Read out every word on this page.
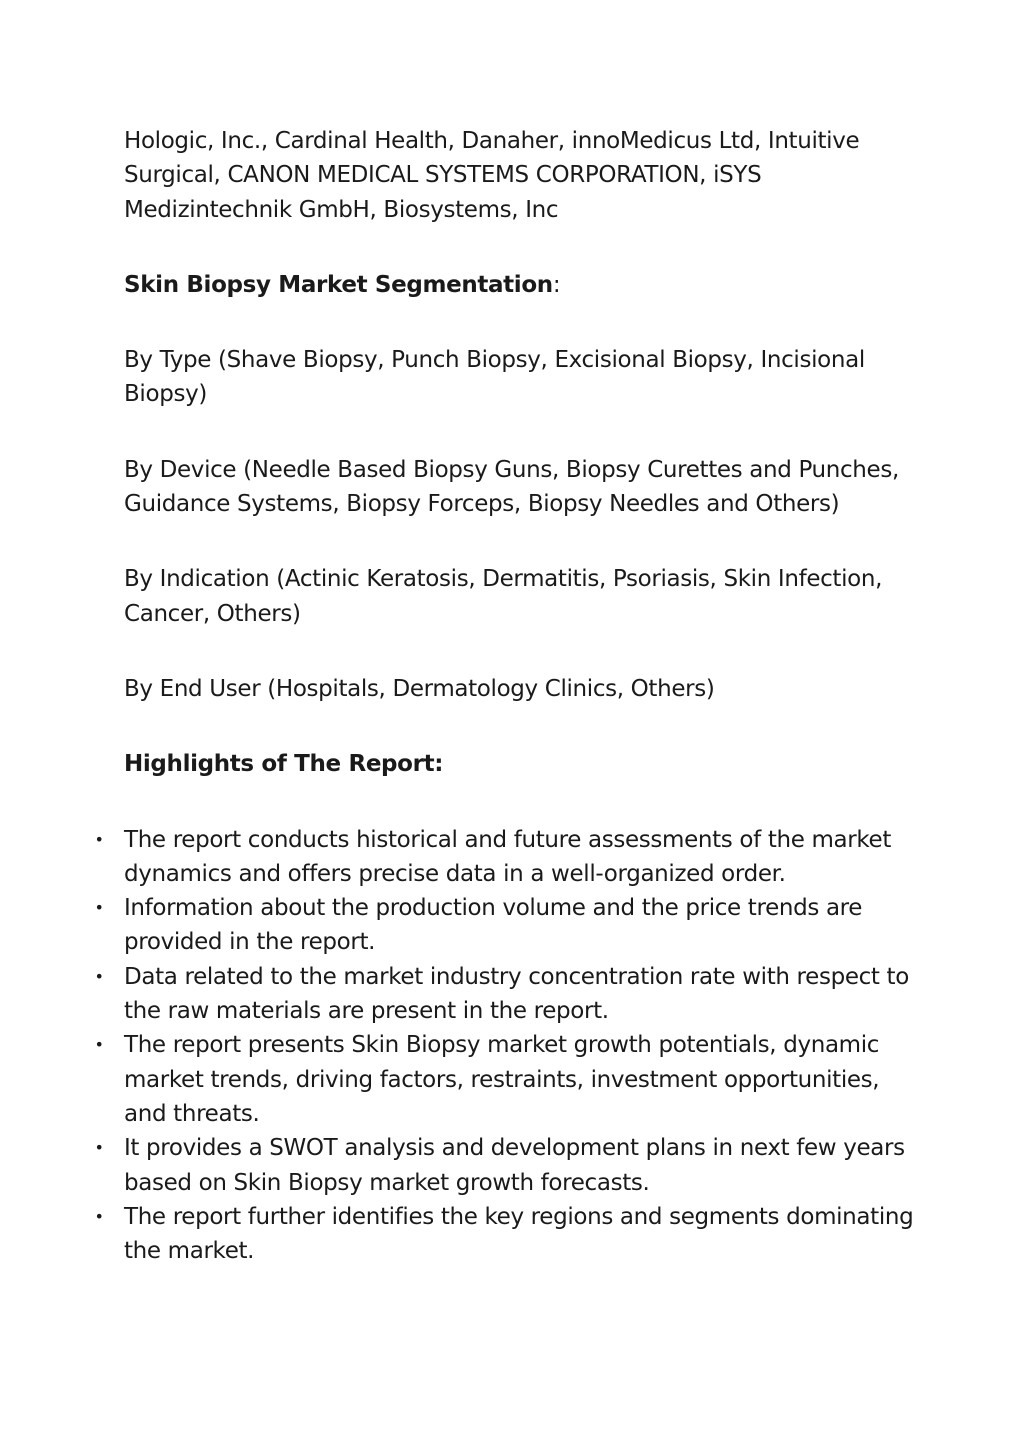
Hologic, Inc., Cardinal Health, Danaher, innoMedicus Ltd, Intuitive Surgical, CANON MEDICAL SYSTEMS CORPORATION, iSYS Medizintechnik GmbH, Biosystems, Inc

Skin Biopsy Market Segmentation:

By Type (Shave Biopsy, Punch Biopsy, Excisional Biopsy, Incisional Biopsy)

By Device (Needle Based Biopsy Guns, Biopsy Curettes and Punches, Guidance Systems, Biopsy Forceps, Biopsy Needles and Others)

By Indication (Actinic Keratosis, Dermatitis, Psoriasis, Skin Infection, Cancer, Others)

By End User (Hospitals, Dermatology Clinics, Others)

Highlights of The Report:

• The report conducts historical and future assessments of the market dynamics and offers precise data in a well-organized order.
• Information about the production volume and the price trends are provided in the report.
• Data related to the market industry concentration rate with respect to the raw materials are present in the report.
• The report presents Skin Biopsy market growth potentials, dynamic market trends, driving factors, restraints, investment opportunities, and threats.
• It provides a SWOT analysis and development plans in next few years based on Skin Biopsy market growth forecasts.
• The report further identifies the key regions and segments dominating the market.
